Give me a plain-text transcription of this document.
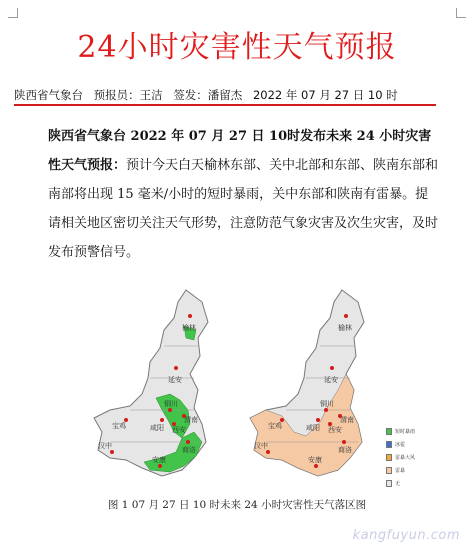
24小时灾害性天气预报
陕西省气象台 预报员：王洁 签发：潘留杰 2022 年 07 月 27 日 10 时
陕西省气象台 2022 年 07 月 27 日 10时发布未来 24 小时灾害性天气预报：预计今天白天榆林东部、关中北部和东部、陕南东部和南部将出现 15 毫米/小时的短时暴雨，关中东部和陕南有雷暴。提请相关地区密切关注天气形势，注意防范气象灾害及次生灾害，及时发布预警信号。
榆林
延安
宝鸡	咸阳
铜川
西安
渭南
汉中
安康
商洛
榆林
延安
宝鸡	咸阳
铜川
西安
渭南
汉中
安康
商洛
短时暴雨
冰雹
雷暴大风
雷暴
无
图 1 07 月 27 日 10 时未来 24 小时灾害性天气落区图
kangfuyun.com
